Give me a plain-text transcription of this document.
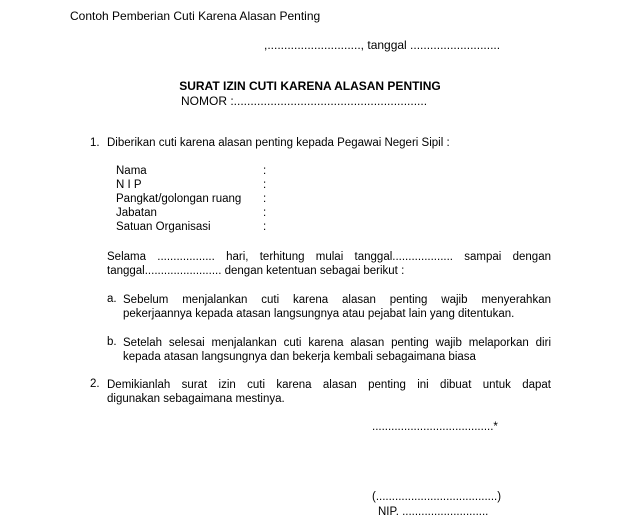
Contoh Pemberian Cuti Karena Alasan Penting
,............................, tanggal ...........................
SURAT IZIN CUTI KARENA ALASAN PENTING
NOMOR :..........................................................
1. Diberikan cuti karena alasan penting kepada Pegawai Negeri Sipil :
Nama	:
N I P	:
Pangkat/golongan ruang :
Jabatan	:
Satuan Organisasi	:
Selama .................. hari, terhitung mulai tanggal................... sampai dengan
tanggal........................ dengan ketentuan sebagai berikut :
a. Sebelum menjalankan cuti karena alasan penting wajib menyerahkan
pekerjaannya kepada atasan langsungnya atau pejabat lain yang ditentukan.
b. Setelah selesai menjalankan cuti karena alasan penting wajib melaporkan diri
kepada atasan langsungnya dan bekerja kembali sebagaimana biasa
2. Demikianlah surat izin cuti karena alasan penting ini dibuat untuk dapat
digunakan sebagaimana mestinya.
......................................*
(......................................)
NIP. ...........................
